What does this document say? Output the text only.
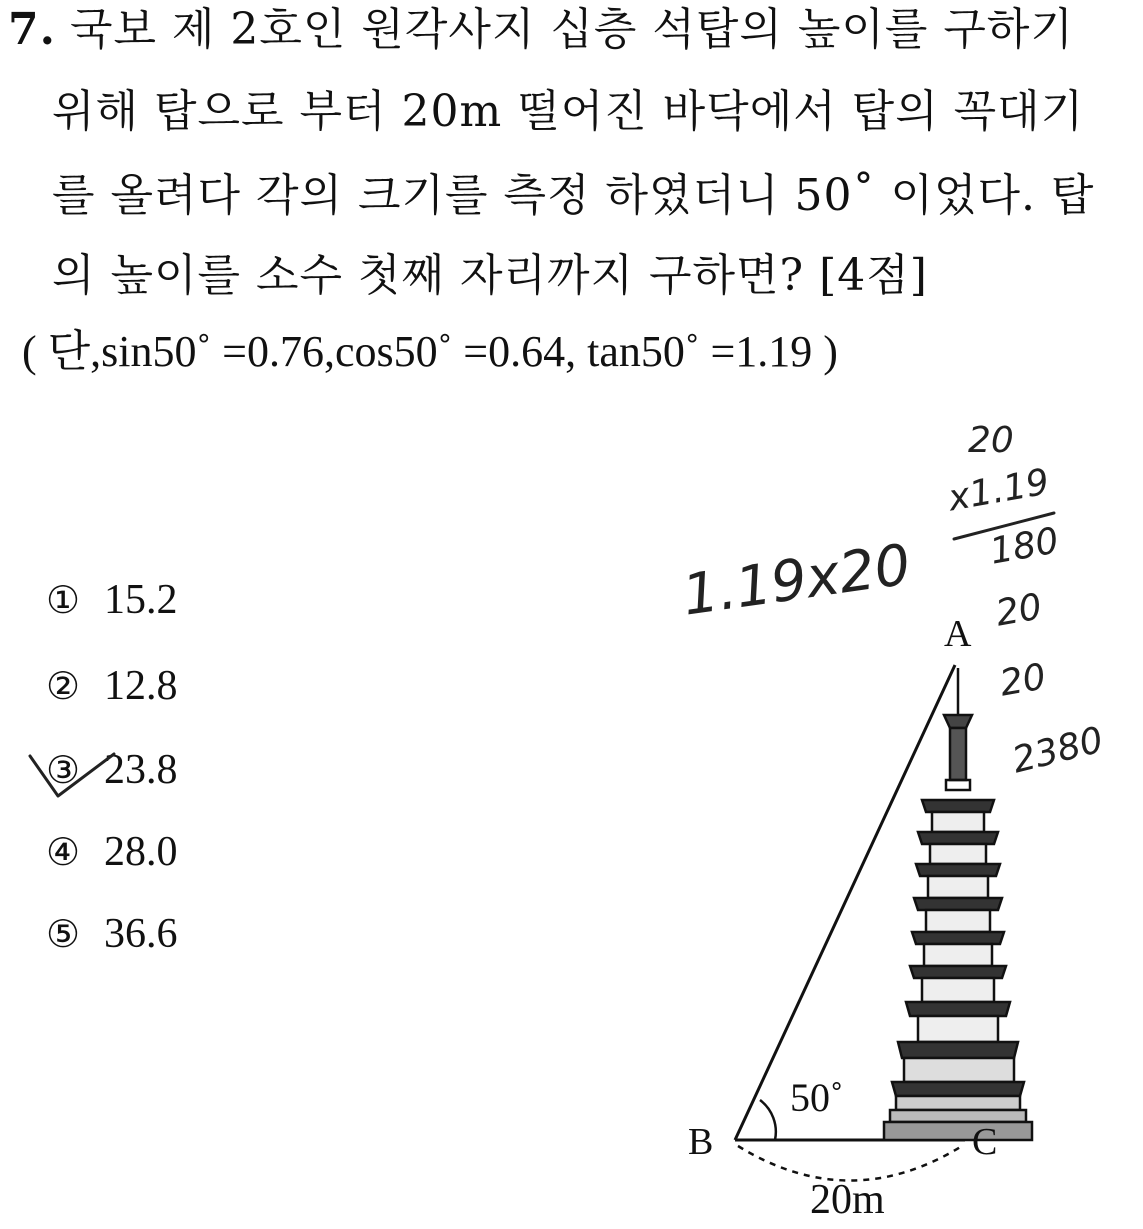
7. 국보 제 2호인 원각사지 십층 석탑의 높이를 구하기
위해 탑으로 부터 20m 떨어진 바닥에서 탑의 꼭대기
를 올려다 각의 크기를 측정 하였더니 50˚ 이었다. 탑
의 높이를 소수 첫째 자리까지 구하면? [4점]
( 단,sin50˚ =0.76,cos50˚ =0.64, tan50˚ =1.19 )
① 15.2
② 12.8
③ 23.8
④ 28.0
⑤ 36.6
1.19x20
20
x1.19
180
20
20
2380
A
B	C
50˚
20m
